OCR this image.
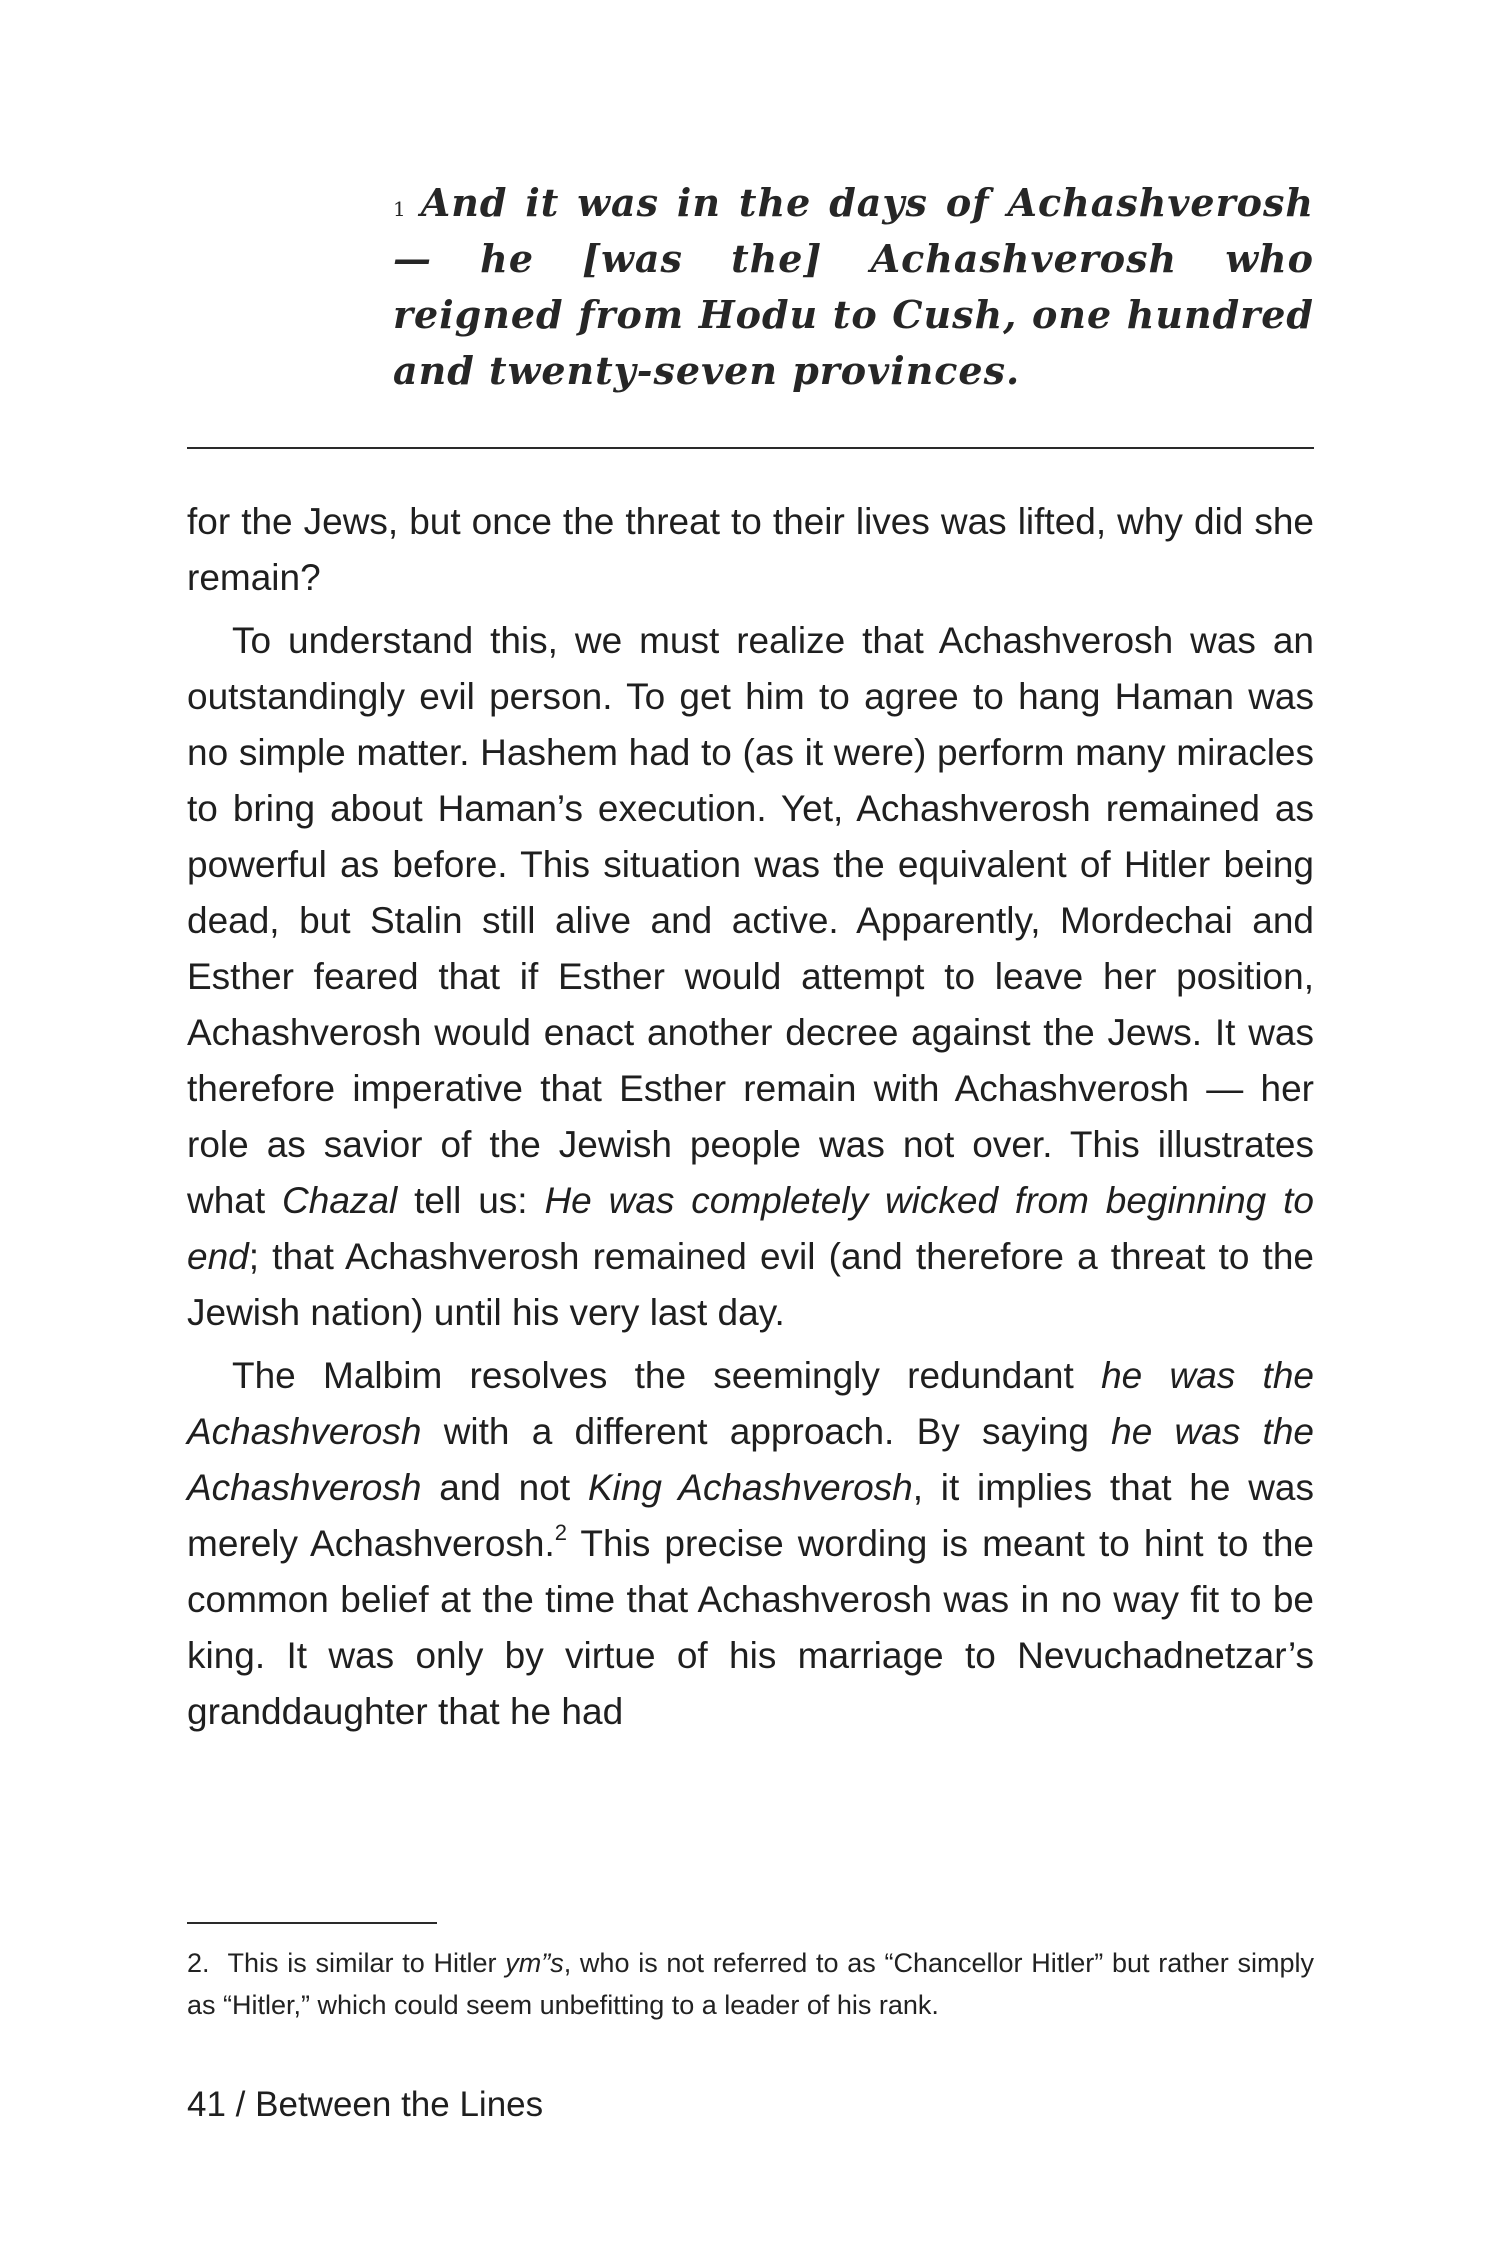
$^1$ And it was in the days of Achashverosh — he [was the] Achashverosh who reigned from Hodu to Cush, one hundred and twenty-seven provinces.

for the Jews, but once the threat to their lives was lifted, why did she remain?

To understand this, we must realize that Achashverosh was an outstandingly evil person. To get him to agree to hang Haman was no simple matter. Hashem had to (as it were) perform many miracles to bring about Haman’s execution. Yet, Achashverosh remained as powerful as before. This situation was the equivalent of Hitler being dead, but Stalin still alive and active. Apparently, Mordechai and Esther feared that if Esther would attempt to leave her position, Achashverosh would enact another decree against the Jews. It was therefore imperative that Esther remain with Achashverosh — her role as savior of the Jewish people was not over. This illustrates what Chazal tell us: He was completely wicked from beginning to end; that Achashverosh remained evil (and therefore a threat to the Jewish nation) until his very last day.

The Malbim resolves the seemingly redundant he was the Achashverosh with a different approach. By saying he was the Achashverosh and not King Achashverosh, it implies that he was merely Achashverosh.$^2$ This precise wording is meant to hint to the common belief at the time that Achashverosh was in no way fit to be king. It was only by virtue of his marriage to Nevuchadnetzar’s granddaughter that he had

2. This is similar to Hitler ym”s, who is not referred to as “Chancellor Hitler” but rather simply as “Hitler,” which could seem unbefitting to a leader of his rank.
41 / Between the Lines
